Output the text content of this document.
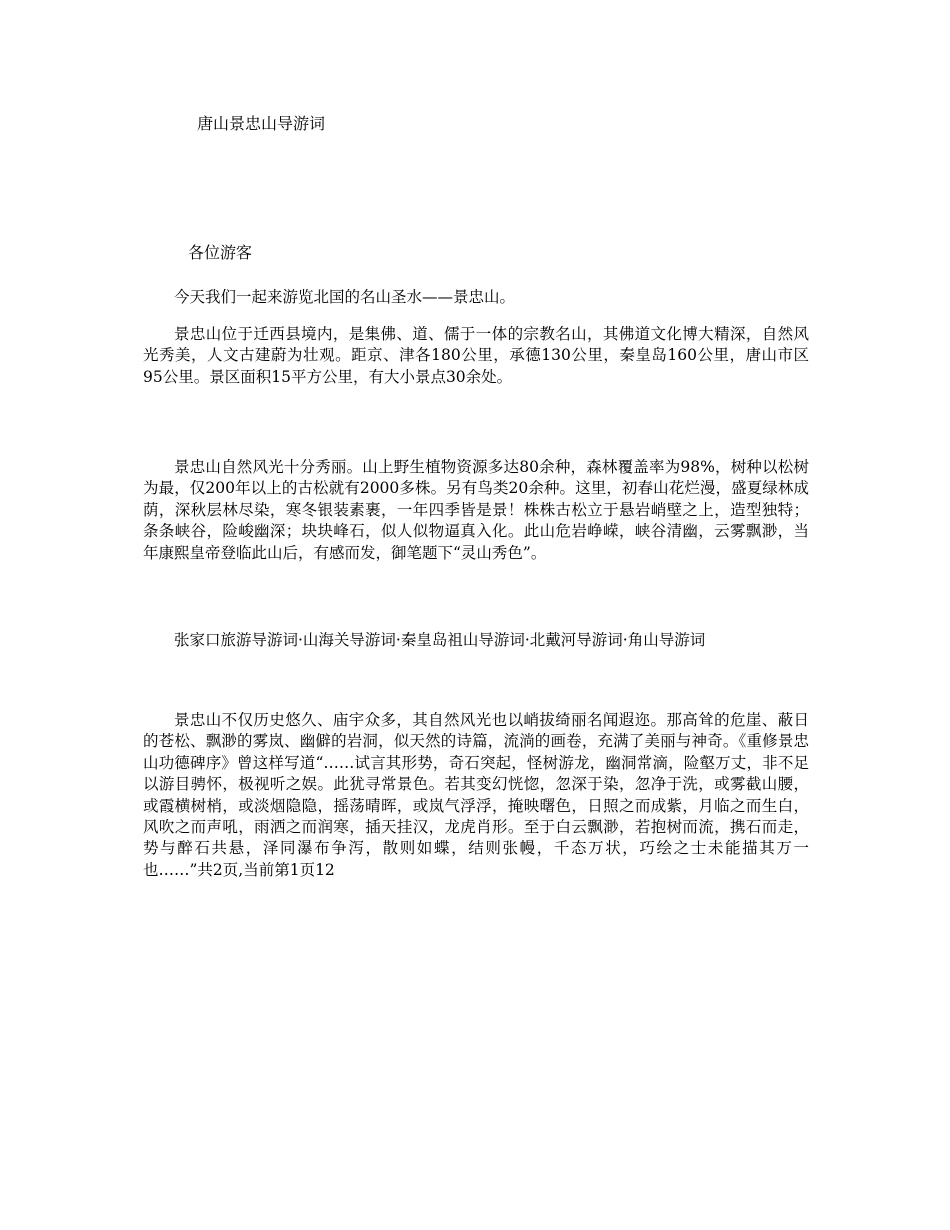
唐山景忠山导游词
各位游客

今天我们一起来游览北国的名山圣水——景忠山。

景忠山位于迁西县境内，是集佛、道、儒于一体的宗教名山，其佛道文化博大精深，自然风光秀美，人文古建蔚为壮观。距京、津各180公里，承德130公里，秦皇岛160公里，唐山市区95公里。景区面积15平方公里，有大小景点30余处。

景忠山自然风光十分秀丽。山上野生植物资源多达80余种，森林覆盖率为98%，树种以松树为最，仅200年以上的古松就有2000多株。另有鸟类20余种。这里，初春山花烂漫，盛夏绿林成荫，深秋层林尽染，寒冬银装素裹，一年四季皆是景！株株古松立于悬岩峭壁之上，造型独特；条条峡谷，险峻幽深；块块峰石，似人似物逼真入化。此山危岩峥嵘，峡谷清幽，云雾飘渺，当年康熙皇帝登临此山后，有感而发，御笔题下“灵山秀色”。

张家口旅游导游词·山海关导游词·秦皇岛祖山导游词·北戴河导游词·角山导游词

景忠山不仅历史悠久、庙宇众多，其自然风光也以峭拔绮丽名闻遐迩。那高耸的危崖、蔽日的苍松、飘渺的雾岚、幽僻的岩洞，似天然的诗篇，流淌的画卷，充满了美丽与神奇。《重修景忠山功德碑序》曾这样写道“……试言其形势，奇石突起，怪树游龙，幽洞常滴，险壑万丈，非不足以游目骋怀，极视听之娱。此犹寻常景色。若其变幻恍惚，忽深于染，忽净于洗，或雾截山腰，或霞横树梢，或淡烟隐隐，摇荡晴晖，或岚气浮浮，掩映曙色，日照之而成紫，月临之而生白，风吹之而声吼，雨洒之而润寒，插天挂汉，龙虎肖形。至于白云飘渺，若抱树而流，携石而走，势与醉石共悬，泽同瀑布争泻，散则如蝶，结则张幔，千态万状，巧绘之士未能描其万一也……”共2页,当前第1页12
